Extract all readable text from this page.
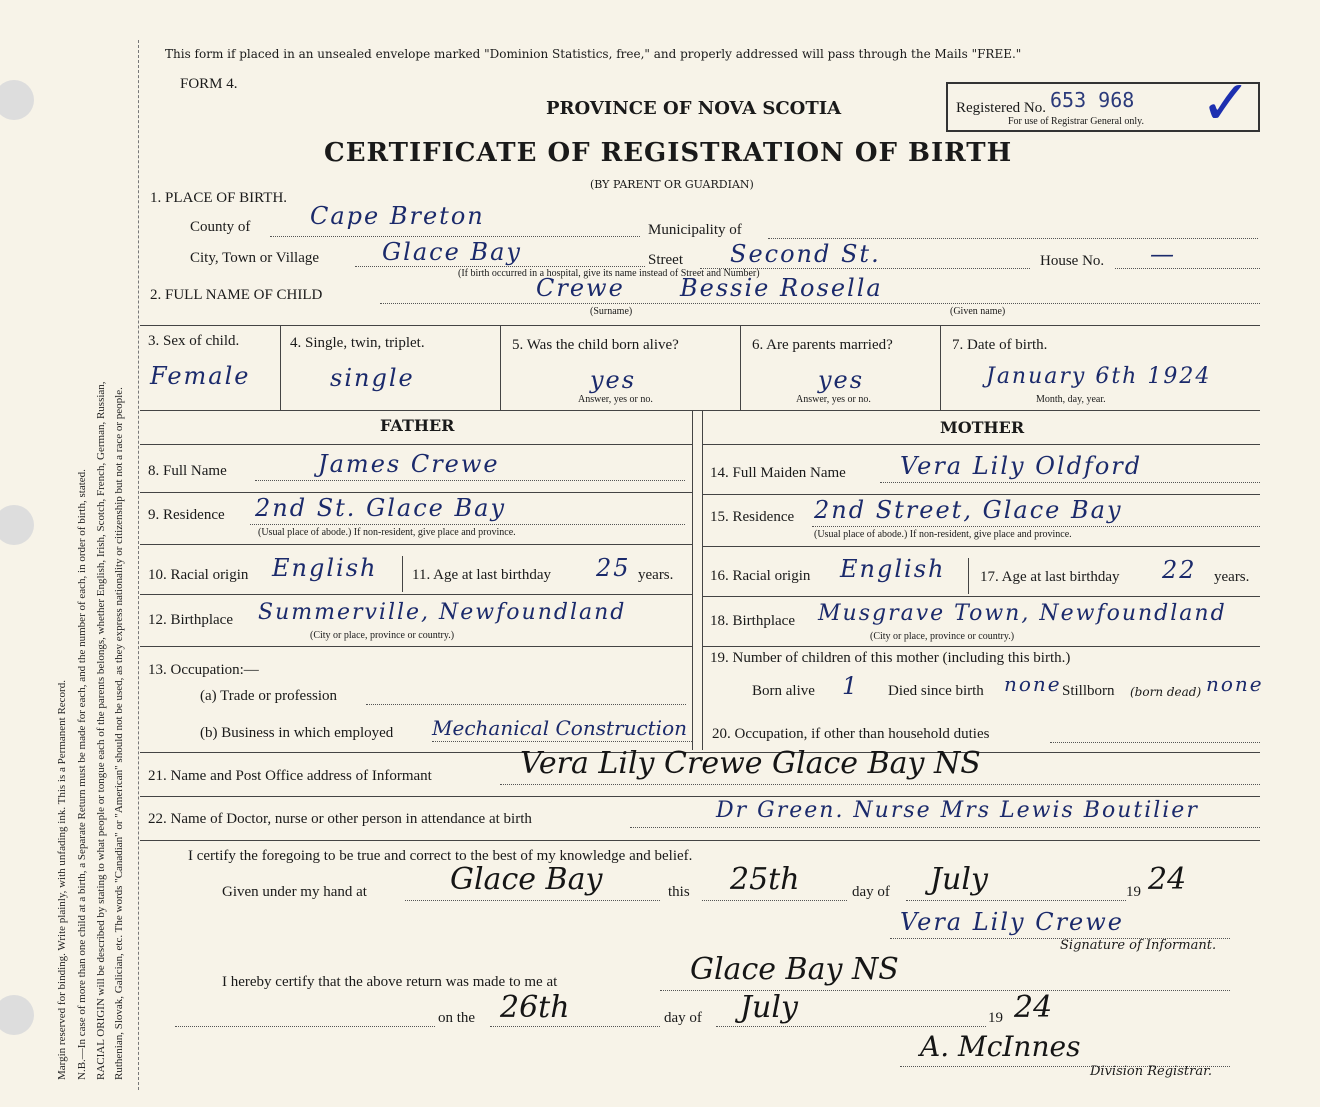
Margin reserved for binding. Write plainly, with unfading ink. This is a Permanent Record. N.B.—In case of more than one child at a birth, a Separate Return must be made for each, and the number of each, in order of birth, stated. RACIAL ORIGIN will be described by stating to what people or tongue each of the parents belongs, whether English, Irish, Scotch, French, German, Russian, Ruthenian, Slovak, Galician, etc. The words "Canadian" or "American" should not be used, as they express nationality or citizenship but not a race or people.
This form if placed in an unsealed envelope marked "Dominion Statistics, free," and properly addressed will pass through the Mails "FREE."
FORM 4.
PROVINCE OF NOVA SCOTIA
CERTIFICATE OF REGISTRATION OF BIRTH
(BY PARENT OR GUARDIAN)
Registered No. 653 968
For use of Registrar General only. ✓
1. PLACE OF BIRTH.
County of Cape Breton	Municipality of
City, Town or Village	Glace Bay	Street Second St.	House No. —
(If birth occurred in a hospital, give its name instead of Street and Number)
2. FULL NAME OF CHILD	Crewe Bessie Rosella
(Surname)	(Given name)
3. Sex of child.
Female
4. Single, twin, triplet.
single
5. Was the child born alive?
yes
Answer, yes or no.
6. Are parents married?
yes
Answer, yes or no.
7. Date of birth.
January 6th 1924
Month, day, year.
FATHER	MOTHER
8. Full Name	James Crewe
9. Residence 2nd St. Glace Bay
(Usual place of abode.) If non-resident, give place and province.
10. Racial origin English 11. Age at last birthday 25 years.
12. Birthplace Summerville, Newfoundland
(City or place, province or country.)
13. Occupation:—
(a) Trade or profession
(b) Business in which employed Mechanical Construction
14. Full Maiden Name Vera Lily Oldford
15. Residence 2nd Street, Glace Bay
(Usual place of abode.) If non-resident, give place and province.
16. Racial origin English 17. Age at last birthday 22 years.
18. Birthplace Musgrave Town, Newfoundland
(City or place, province or country.)
19. Number of children of this mother (including this birth.)
Born alive 1 Died since birth none Stillborn (born dead) none
20. Occupation, if other than household duties
21. Name and Post Office address of Informant	Vera Lily Crewe Glace Bay NS
22. Name of Doctor, nurse or other person in attendance at birth	Dr Green. Nurse Mrs Lewis Boutilier
I certify the foregoing to be true and correct to the best of my knowledge and belief.
Given under my hand at	Glace Bay	this 25th	day of July	19 24
Vera Lily Crewe
Signature of Informant.
I hereby certify that the above return was made to me at	Glace Bay NS
on the 26th	day of July	19 24
A. McInnes
Division Registrar.
